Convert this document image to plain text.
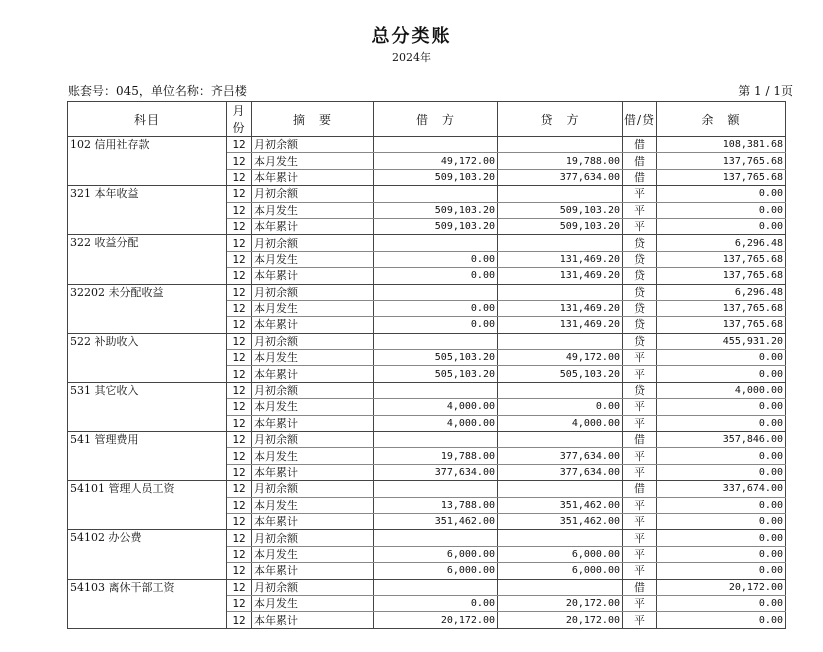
总分类账
2024年
账套号：045，单位名称：齐吕楼	第 1 / 1页
科目	月份	摘　要	借　方	贷　方	借/贷	余　额
102 信用社存款	12	月初余额			借	108,381.68
	12	本月发生	49,172.00	19,788.00	借	137,765.68
	12	本年累计	509,103.20	377,634.00	借	137,765.68
321 本年收益	12	月初余额			平	0.00
	12	本月发生	509,103.20	509,103.20	平	0.00
	12	本年累计	509,103.20	509,103.20	平	0.00
322 收益分配	12	月初余额			贷	6,296.48
	12	本月发生	0.00	131,469.20	贷	137,765.68
	12	本年累计	0.00	131,469.20	贷	137,765.68
32202 未分配收益	12	月初余额			贷	6,296.48
	12	本月发生	0.00	131,469.20	贷	137,765.68
	12	本年累计	0.00	131,469.20	贷	137,765.68
522 补助收入	12	月初余额			贷	455,931.20
	12	本月发生	505,103.20	49,172.00	平	0.00
	12	本年累计	505,103.20	505,103.20	平	0.00
531 其它收入	12	月初余额			贷	4,000.00
	12	本月发生	4,000.00	0.00	平	0.00
	12	本年累计	4,000.00	4,000.00	平	0.00
541 管理费用	12	月初余额			借	357,846.00
	12	本月发生	19,788.00	377,634.00	平	0.00
	12	本年累计	377,634.00	377,634.00	平	0.00
54101 管理人员工资	12	月初余额			借	337,674.00
	12	本月发生	13,788.00	351,462.00	平	0.00
	12	本年累计	351,462.00	351,462.00	平	0.00
54102 办公费	12	月初余额			平	0.00
	12	本月发生	6,000.00	6,000.00	平	0.00
	12	本年累计	6,000.00	6,000.00	平	0.00
54103 离休干部工资	12	月初余额			借	20,172.00
	12	本月发生	0.00	20,172.00	平	0.00
	12	本年累计	20,172.00	20,172.00	平	0.00
